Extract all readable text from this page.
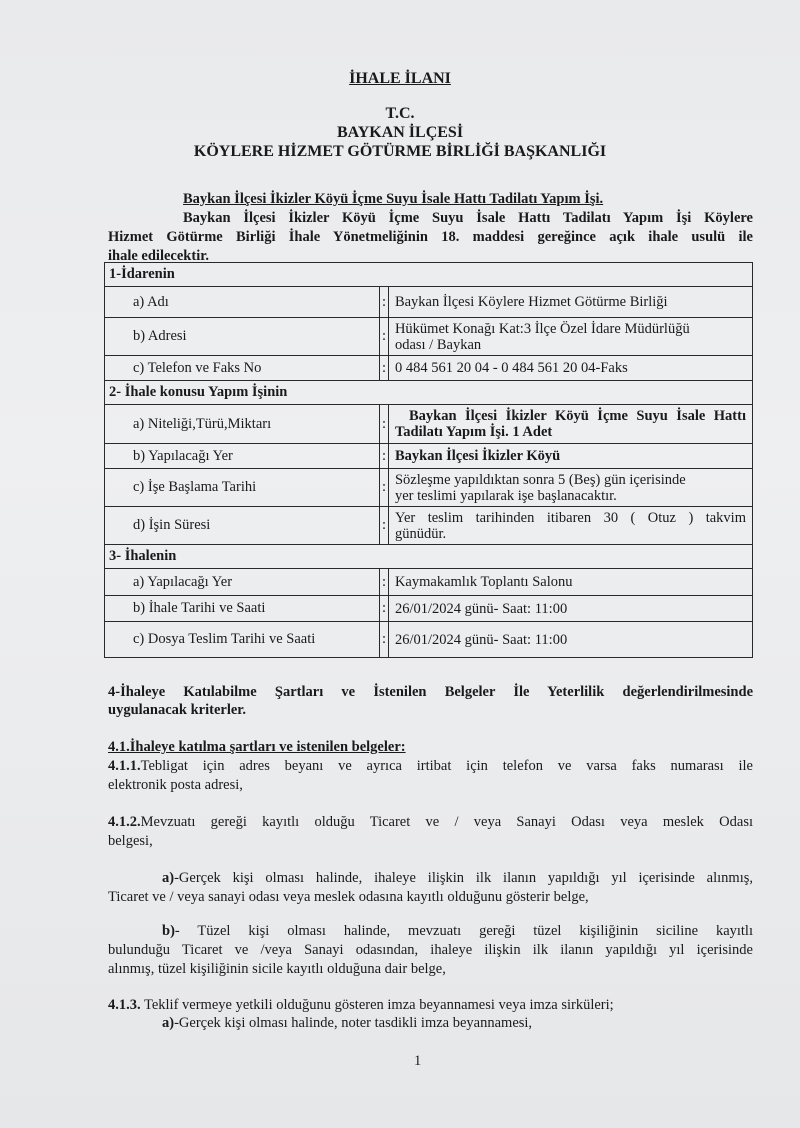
İHALE İLANI
T.C.
BAYKAN İLÇESİ
KÖYLERE HİZMET GÖTÜRME BİRLİĞİ BAŞKANLIĞI
Baykan İlçesi İkizler Köyü İçme Suyu İsale Hattı Tadilatı Yapım İşi.
Baykan İlçesi İkizler Köyü İçme Suyu İsale Hattı Tadilatı Yapım İşi Köylere
Hizmet Götürme Birliği İhale Yönetmeliğinin 18. maddesi gereğince açık ihale usulü ile
ihale edilecektir.
1-İdarenin		
a) Adı	:	Baykan İlçesi Köylere Hizmet Götürme Birliği
b) Adresi	:	Hükümet Konağı Kat:3 İlçe Özel İdare Müdürlüğü
odası / Baykan

c) Telefon ve Faks No	:	0 484 561 20 04 - 0 484 561 20 04-Faks
2- İhale konusu Yapım İşinin		
a) Niteliği,Türü,Miktarı	:	Baykan İlçesi İkizler Köyü İçme Suyu İsale Hattı
Tadilatı Yapım İşi. 1 Adet

b) Yapılacağı Yer	:	Baykan İlçesi İkizler Köyü
c) İşe Başlama Tarihi	:	Sözleşme yapıldıktan sonra 5 (Beş) gün içerisinde
yer teslimi yapılarak işe başlanacaktır.

d) İşin Süresi	:	Yer teslim tarihinden itibaren 30 ( Otuz ) takvim
günüdür.

3- İhalenin		
a) Yapılacağı Yer	:	Kaymakamlık Toplantı Salonu
b) İhale Tarihi ve Saati	:	26/01/2024 günü- Saat: 11:00
c) Dosya Teslim Tarihi ve Saati	:	26/01/2024 günü- Saat: 11:00
4-İhaleye Katılabilme Şartları ve İstenilen Belgeler İle Yeterlilik değerlendirilmesinde
uygulanacak kriterler.
4.1.İhaleye katılma şartları ve istenilen belgeler:
4.1.1.Tebligat için adres beyanı ve ayrıca irtibat için telefon ve varsa faks numarası ile
elektronik posta adresi,
4.1.2.Mevzuatı gereği kayıtlı olduğu Ticaret ve / veya Sanayi Odası veya meslek Odası
belgesi,
a)-Gerçek kişi olması halinde, ihaleye ilişkin ilk ilanın yapıldığı yıl içerisinde alınmış,
Ticaret ve / veya sanayi odası veya meslek odasına kayıtlı olduğunu gösterir belge,
b)- Tüzel kişi olması halinde, mevzuatı gereği tüzel kişiliğinin siciline kayıtlı
bulunduğu Ticaret ve /veya Sanayi odasından, ihaleye ilişkin ilk ilanın yapıldığı yıl içerisinde
alınmış, tüzel kişiliğinin sicile kayıtlı olduğuna dair belge,
4.1.3. Teklif vermeye yetkili olduğunu gösteren imza beyannamesi veya imza sirküleri;
a)-Gerçek kişi olması halinde, noter tasdikli imza beyannamesi,
1
